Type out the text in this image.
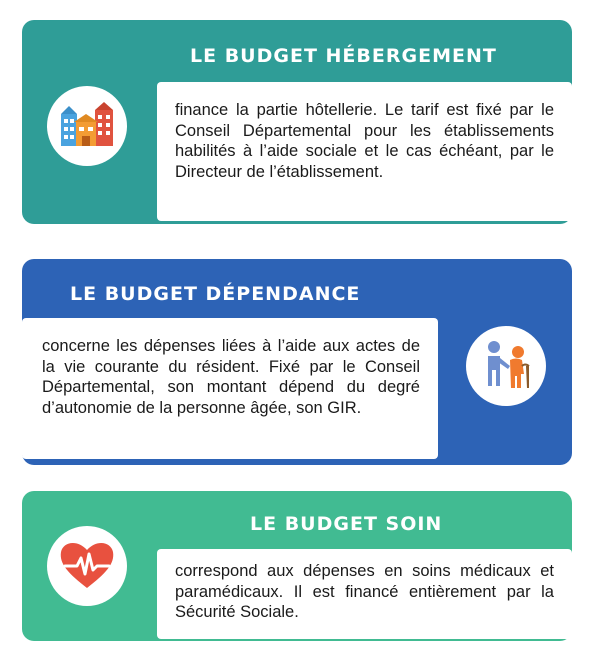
LE BUDGET HÉBERGEMENT
finance la partie hôtellerie. Le tarif est fixé par le Conseil Départemental pour les établissements habilités à l’aide sociale et le cas échéant, par le Directeur de l’établissement.
LE BUDGET DÉPENDANCE
concerne les dépenses liées à l’aide aux actes de la vie courante du résident. Fixé par le Conseil Départemental, son montant dépend du degré d’autonomie de la personne âgée, son GIR.
LE BUDGET SOIN
correspond aux dépenses en soins médicaux et paramédicaux. Il est financé entièrement par la Sécurité Sociale.
